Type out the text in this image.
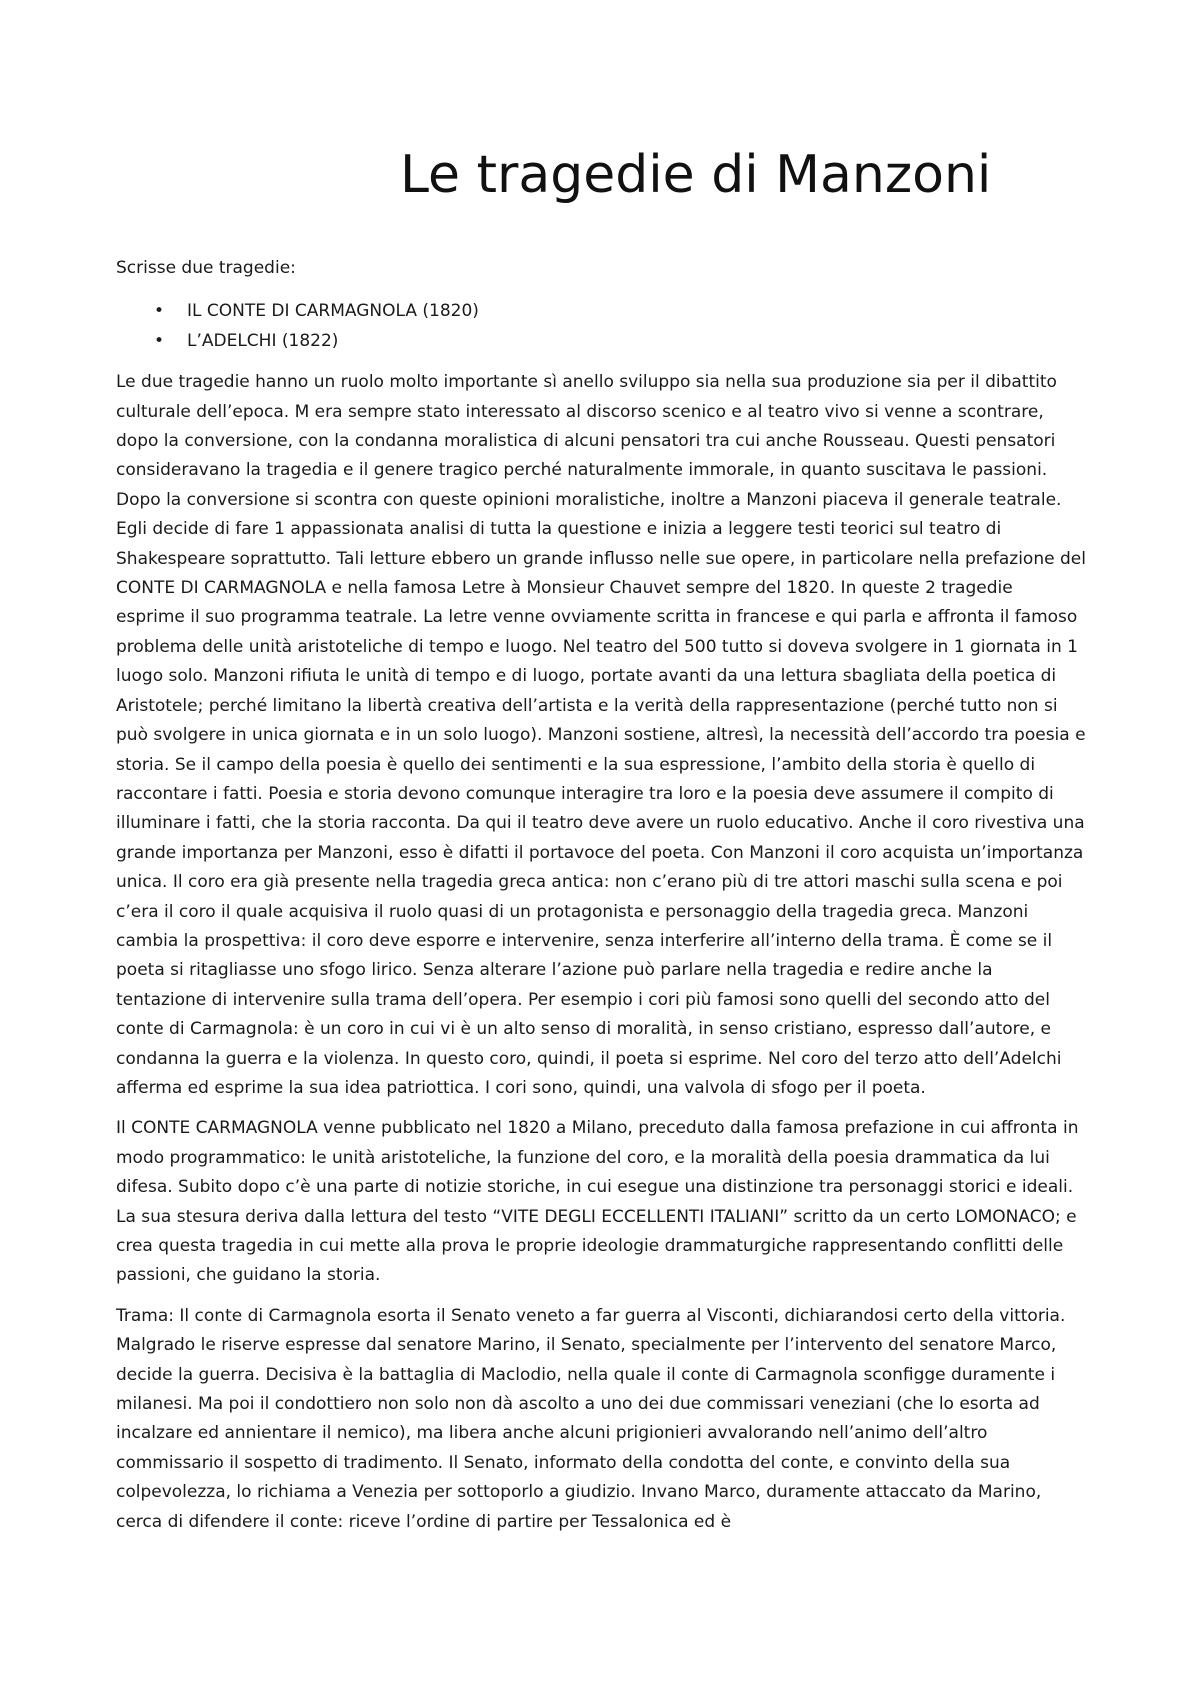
Le tragedie di Manzoni

Scrisse due tragedie:

• IL CONTE DI CARMAGNOLA (1820)
• L’ADELCHI (1822)

Le due tragedie hanno un ruolo molto importante sì anello sviluppo sia nella sua produzione sia per il dibattito culturale dell’epoca. M era sempre stato interessato al discorso scenico e al teatro vivo si venne a scontrare, dopo la conversione, con la condanna moralistica di alcuni pensatori tra cui anche Rousseau. Questi pensatori consideravano la tragedia e il genere tragico perché naturalmente immorale, in quanto suscitava le passioni. Dopo la conversione si scontra con queste opinioni moralistiche, inoltre a Manzoni piaceva il generale teatrale. Egli decide di fare 1 appassionata analisi di tutta la questione e inizia a leggere testi teorici sul teatro di Shakespeare soprattutto. Tali letture ebbero un grande influsso nelle sue opere, in particolare nella prefazione del CONTE DI CARMAGNOLA e nella famosa Letre à Monsieur Chauvet sempre del 1820. In queste 2 tragedie esprime il suo programma teatrale. La letre venne ovviamente scritta in francese e qui parla e affronta il famoso problema delle unità aristoteliche di tempo e luogo. Nel teatro del 500 tutto si doveva svolgere in 1 giornata in 1 luogo solo. Manzoni rifiuta le unità di tempo e di luogo, portate avanti da una lettura sbagliata della poetica di Aristotele; perché limitano la libertà creativa dell’artista e la verità della rappresentazione (perché tutto non si può svolgere in unica giornata e in un solo luogo). Manzoni sostiene, altresì, la necessità dell’accordo tra poesia e storia. Se il campo della poesia è quello dei sentimenti e la sua espressione, l’ambito della storia è quello di raccontare i fatti. Poesia e storia devono comunque interagire tra loro e la poesia deve assumere il compito di illuminare i fatti, che la storia racconta. Da qui il teatro deve avere un ruolo educativo. Anche il coro rivestiva una grande importanza per Manzoni, esso è difatti il portavoce del poeta. Con Manzoni il coro acquista un’importanza unica. Il coro era già presente nella tragedia greca antica: non c’erano più di tre attori maschi sulla scena e poi c’era il coro il quale acquisiva il ruolo quasi di un protagonista e personaggio della tragedia greca. Manzoni cambia la prospettiva: il coro deve esporre e intervenire, senza interferire all’interno della trama. È come se il poeta si ritagliasse uno sfogo lirico. Senza alterare l’azione può parlare nella tragedia e redire anche la tentazione di intervenire sulla trama dell’opera. Per esempio i cori più famosi sono quelli del secondo atto del conte di Carmagnola: è un coro in cui vi è un alto senso di moralità, in senso cristiano, espresso dall’autore, e condanna la guerra e la violenza. In questo coro, quindi, il poeta si esprime. Nel coro del terzo atto dell’Adelchi afferma ed esprime la sua idea patriottica. I cori sono, quindi, una valvola di sfogo per il poeta.

Il CONTE CARMAGNOLA venne pubblicato nel 1820 a Milano, preceduto dalla famosa prefazione in cui affronta in modo programmatico: le unità aristoteliche, la funzione del coro, e la moralità della poesia drammatica da lui difesa. Subito dopo c’è una parte di notizie storiche, in cui esegue una distinzione tra personaggi storici e ideali. La sua stesura deriva dalla lettura del testo “VITE DEGLI ECCELLENTI ITALIANI” scritto da un certo LOMONACO; e crea questa tragedia in cui mette alla prova le proprie ideologie drammaturgiche rappresentando conflitti delle passioni, che guidano la storia.

Trama: Il conte di Carmagnola esorta il Senato veneto a far guerra al Visconti, dichiarandosi certo della vittoria. Malgrado le riserve espresse dal senatore Marino, il Senato, specialmente per l’intervento del senatore Marco, decide la guerra. Decisiva è la battaglia di Maclodio, nella quale il conte di Carmagnola sconfigge duramente i milanesi. Ma poi il condottiero non solo non dà ascolto a uno dei due commissari veneziani (che lo esorta ad incalzare ed annientare il nemico), ma libera anche alcuni prigionieri avvalorando nell’animo dell’altro commissario il sospetto di tradimento. Il Senato, informato della condotta del conte, e convinto della sua colpevolezza, lo richiama a Venezia per sottoporlo a giudizio. Invano Marco, duramente attaccato da Marino, cerca di difendere il conte: riceve l’ordine di partire per Tessalonica ed è
